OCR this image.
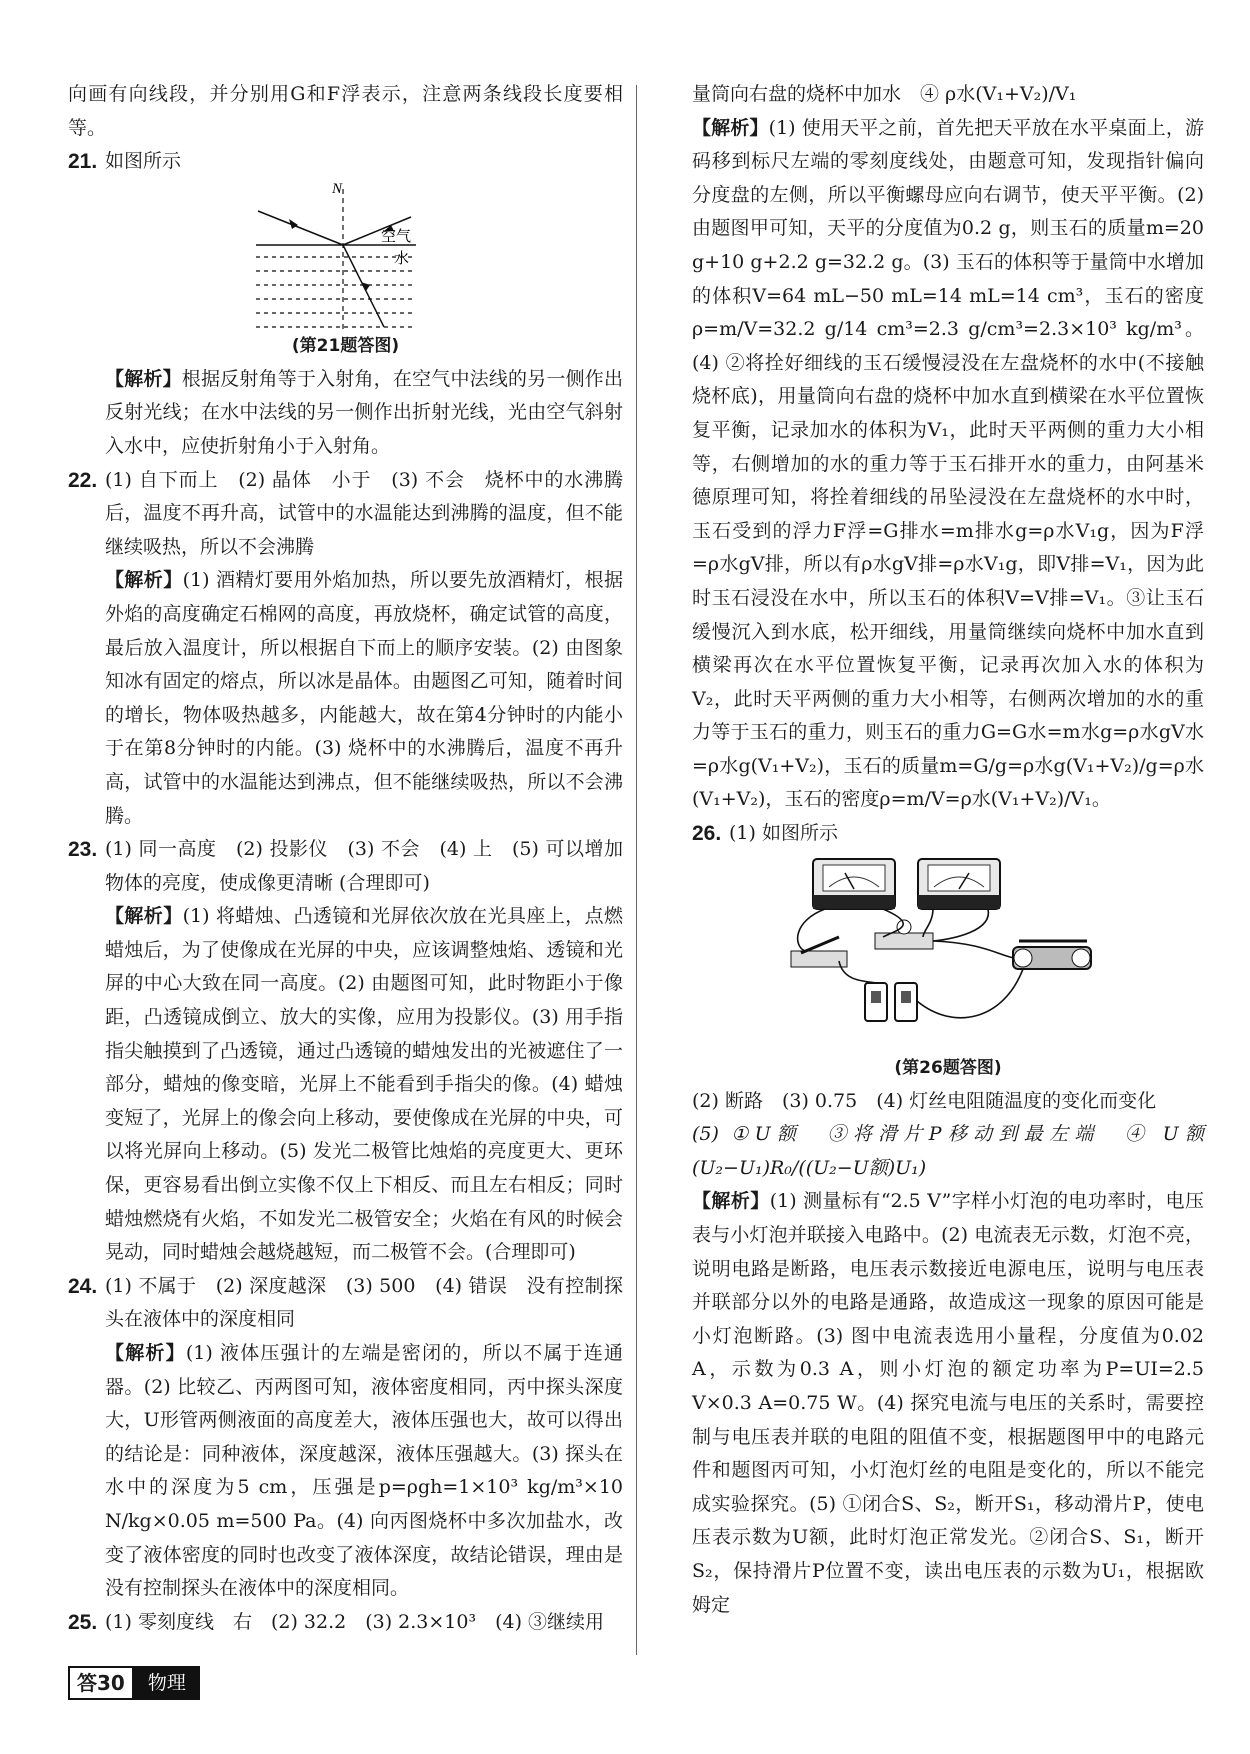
向画有向线段，并分别用G和F浮表示，注意两条线段长度要相等。

21. 如图所示

N
空气
水
(第21题答图)

【解析】根据反射角等于入射角，在空气中法线的另一侧作出反射光线；在水中法线的另一侧作出折射光线，光由空气斜射入水中，应使折射角小于入射角。

22. (1) 自下而上　(2) 晶体　小于　(3) 不会　烧杯中的水沸腾后，温度不再升高，试管中的水温能达到沸腾的温度，但不能继续吸热，所以不会沸腾

【解析】(1) 酒精灯要用外焰加热，所以要先放酒精灯，根据外焰的高度确定石棉网的高度，再放烧杯，确定试管的高度，最后放入温度计，所以根据自下而上的顺序安装。(2) 由图象知冰有固定的熔点，所以冰是晶体。由题图乙可知，随着时间的增长，物体吸热越多，内能越大，故在第4分钟时的内能小于在第8分钟时的内能。(3) 烧杯中的水沸腾后，温度不再升高，试管中的水温能达到沸点，但不能继续吸热，所以不会沸腾。

23. (1) 同一高度　(2) 投影仪　(3) 不会　(4) 上　(5) 可以增加物体的亮度，使成像更清晰 (合理即可)

【解析】(1) 将蜡烛、凸透镜和光屏依次放在光具座上，点燃蜡烛后，为了使像成在光屏的中央，应该调整烛焰、透镜和光屏的中心大致在同一高度。(2) 由题图可知，此时物距小于像距，凸透镜成倒立、放大的实像，应用为投影仪。(3) 用手指指尖触摸到了凸透镜，通过凸透镜的蜡烛发出的光被遮住了一部分，蜡烛的像变暗，光屏上不能看到手指尖的像。(4) 蜡烛变短了，光屏上的像会向上移动，要使像成在光屏的中央，可以将光屏向上移动。(5) 发光二极管比烛焰的亮度更大、更环保，更容易看出倒立实像不仅上下相反、而且左右相反；同时蜡烛燃烧有火焰，不如发光二极管安全；火焰在有风的时候会晃动，同时蜡烛会越烧越短，而二极管不会。(合理即可)

24. (1) 不属于　(2) 深度越深　(3) 500　(4) 错误　没有控制探头在液体中的深度相同

【解析】(1) 液体压强计的左端是密闭的，所以不属于连通器。(2) 比较乙、丙两图可知，液体密度相同，丙中探头深度大，U形管两侧液面的高度差大，液体压强也大，故可以得出的结论是：同种液体，深度越深，液体压强越大。(3) 探头在水中的深度为5 cm，压强是p=ρgh=1×10³ kg/m³×10 N/kg×0.05 m=500 Pa。(4) 向丙图烧杯中多次加盐水，改变了液体密度的同时也改变了液体深度，故结论错误，理由是没有控制探头在液体中的深度相同。

25. (1) 零刻度线　右　(2) 32.2　(3) 2.3×10³　(4) ③继续用

量筒向右盘的烧杯中加水　④ ρ水(V₁+V₂)/V₁

【解析】(1) 使用天平之前，首先把天平放在水平桌面上，游码移到标尺左端的零刻度线处，由题意可知，发现指针偏向分度盘的左侧，所以平衡螺母应向右调节，使天平平衡。(2) 由题图甲可知，天平的分度值为0.2 g，则玉石的质量m=20 g+10 g+2.2 g=32.2 g。(3) 玉石的体积等于量筒中水增加的体积V=64 mL−50 mL=14 mL=14 cm³，玉石的密度ρ=m/V=32.2 g/14 cm³=2.3 g/cm³=2.3×10³ kg/m³。(4) ②将拴好细线的玉石缓慢浸没在左盘烧杯的水中(不接触烧杯底)，用量筒向右盘的烧杯中加水直到横梁在水平位置恢复平衡，记录加水的体积为V₁，此时天平两侧的重力大小相等，右侧增加的水的重力等于玉石排开水的重力，由阿基米德原理可知，将拴着细线的吊坠浸没在左盘烧杯的水中时，玉石受到的浮力F浮=G排水=m排水g=ρ水V₁g，因为F浮=ρ水gV排，所以有ρ水gV排=ρ水V₁g，即V排=V₁，因为此时玉石浸没在水中，所以玉石的体积V=V排=V₁。③让玉石缓慢沉入到水底，松开细线，用量筒继续向烧杯中加水直到横梁再次在水平位置恢复平衡，记录再次加入水的体积为V₂，此时天平两侧的重力大小相等，右侧两次增加的水的重力等于玉石的重力，则玉石的重力G=G水=m水g=ρ水gV水=ρ水g(V₁+V₂)，玉石的质量m=G/g=ρ水g(V₁+V₂)/g=ρ水(V₁+V₂)，玉石的密度ρ=m/V=ρ水(V₁+V₂)/V₁。

26. (1) 如图所示

(第26题答图)

(2) 断路　(3) 0.75　(4) 灯丝电阻随温度的变化而变化

(5) ①U额　③将滑片P移动到最左端　④ U额(U₂−U₁)R₀/((U₂−U额)U₁)

【解析】(1) 测量标有“2.5 V”字样小灯泡的电功率时，电压表与小灯泡并联接入电路中。(2) 电流表无示数，灯泡不亮，说明电路是断路，电压表示数接近电源电压，说明与电压表并联部分以外的电路是通路，故造成这一现象的原因可能是小灯泡断路。(3) 图中电流表选用小量程，分度值为0.02 A，示数为0.3 A，则小灯泡的额定功率为P=UI=2.5 V×0.3 A=0.75 W。(4) 探究电流与电压的关系时，需要控制与电压表并联的电阻的阻值不变，根据题图甲中的电路元件和题图丙可知，小灯泡灯丝的电阻是变化的，所以不能完成实验探究。(5) ①闭合S、S₂，断开S₁，移动滑片P，使电压表示数为U额，此时灯泡正常发光。②闭合S、S₁，断开S₂，保持滑片P位置不变，读出电压表的示数为U₁，根据欧姆定

答30	物理
